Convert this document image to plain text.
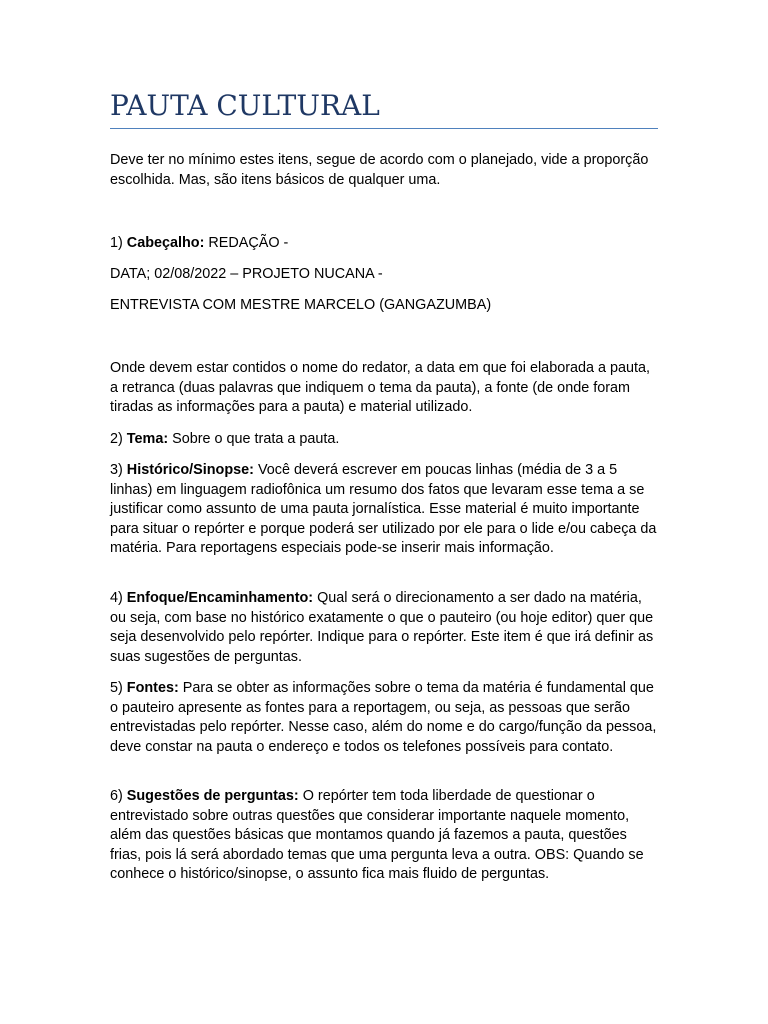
PAUTA CULTURAL

Deve ter no mínimo estes itens, segue de acordo com o planejado, vide a proporção escolhida. Mas, são itens básicos de qualquer uma.

1) Cabeçalho: REDAÇÃO -

DATA; 02/08/2022 – PROJETO NUCANA -

ENTREVISTA COM MESTRE MARCELO (GANGAZUMBA)

Onde devem estar contidos o nome do redator, a data em que foi elaborada a pauta, a retranca (duas palavras que indiquem o tema da pauta), a fonte (de onde foram tiradas as informações para a pauta) e material utilizado.

2) Tema: Sobre o que trata a pauta.

3) Histórico/Sinopse: Você deverá escrever em poucas linhas (média de 3 a 5 linhas) em linguagem radiofônica um resumo dos fatos que levaram esse tema a se justificar como assunto de uma pauta jornalística. Esse material é muito importante para situar o repórter e porque poderá ser utilizado por ele para o lide e/ou cabeça da matéria. Para reportagens especiais pode-se inserir mais informação.

4) Enfoque/Encaminhamento: Qual será o direcionamento a ser dado na matéria, ou seja, com base no histórico exatamente o que o pauteiro (ou hoje editor) quer que seja desenvolvido pelo repórter. Indique para o repórter. Este item é que irá definir as suas sugestões de perguntas.

5) Fontes: Para se obter as informações sobre o tema da matéria é fundamental que o pauteiro apresente as fontes para a reportagem, ou seja, as pessoas que serão entrevistadas pelo repórter. Nesse caso, além do nome e do cargo/função da pessoa, deve constar na pauta o endereço e todos os telefones possíveis para contato.

6) Sugestões de perguntas: O repórter tem toda liberdade de questionar o entrevistado sobre outras questões que considerar importante naquele momento, além das questões básicas que montamos quando já fazemos a pauta, questões frias, pois lá será abordado temas que uma pergunta leva a outra. OBS: Quando se conhece o histórico/sinopse, o assunto fica mais fluido de perguntas.
